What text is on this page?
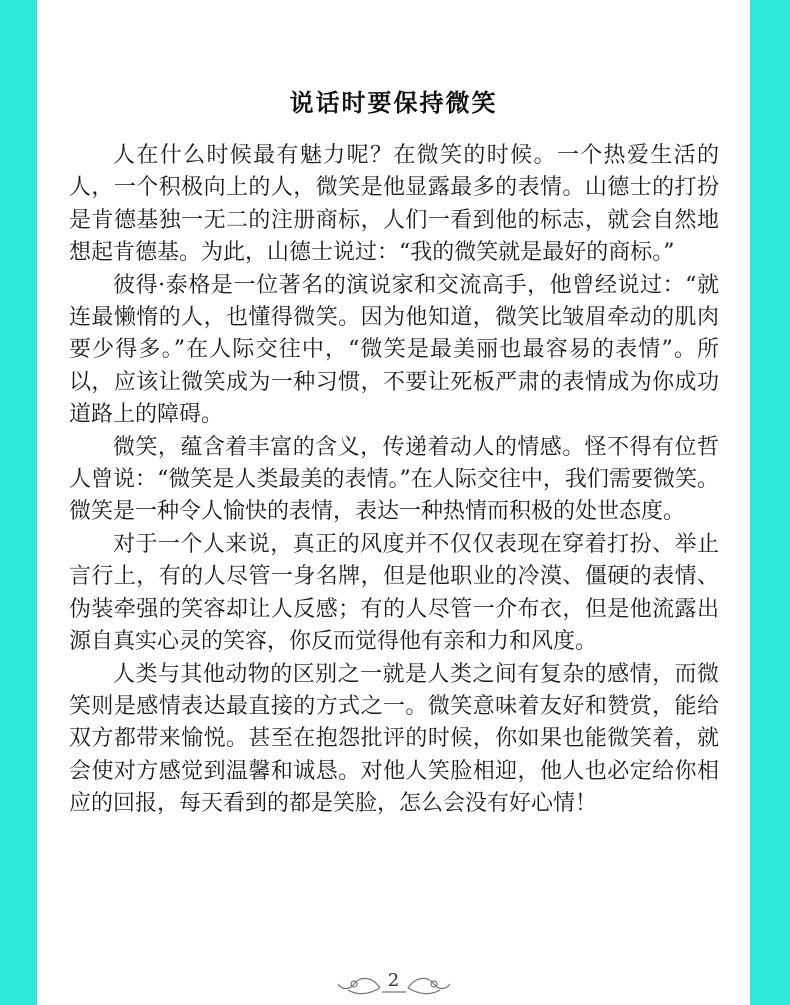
说话时要保持微笑

人在什么时候最有魅力呢？在微笑的时候。一个热爱生活的人，一个积极向上的人，微笑是他显露最多的表情。山德士的打扮是肯德基独一无二的注册商标，人们一看到他的标志，就会自然地想起肯德基。为此，山德士说过：“我的微笑就是最好的商标。”

彼得·泰格是一位著名的演说家和交流高手，他曾经说过：“就连最懒惰的人，也懂得微笑。因为他知道，微笑比皱眉牵动的肌肉要少得多。”在人际交往中，“微笑是最美丽也最容易的表情”。所以，应该让微笑成为一种习惯，不要让死板严肃的表情成为你成功道路上的障碍。

微笑，蕴含着丰富的含义，传递着动人的情感。怪不得有位哲人曾说：“微笑是人类最美的表情。”在人际交往中，我们需要微笑。微笑是一种令人愉快的表情，表达一种热情而积极的处世态度。

对于一个人来说，真正的风度并不仅仅表现在穿着打扮、举止言行上，有的人尽管一身名牌，但是他职业的冷漠、僵硬的表情、伪装牵强的笑容却让人反感；有的人尽管一介布衣，但是他流露出源自真实心灵的笑容，你反而觉得他有亲和力和风度。

人类与其他动物的区别之一就是人类之间有复杂的感情，而微笑则是感情表达最直接的方式之一。微笑意味着友好和赞赏，能给双方都带来愉悦。甚至在抱怨批评的时候，你如果也能微笑着，就会使对方感觉到温馨和诚恳。对他人笑脸相迎，他人也必定给你相应的回报，每天看到的都是笑脸，怎么会没有好心情！

2
